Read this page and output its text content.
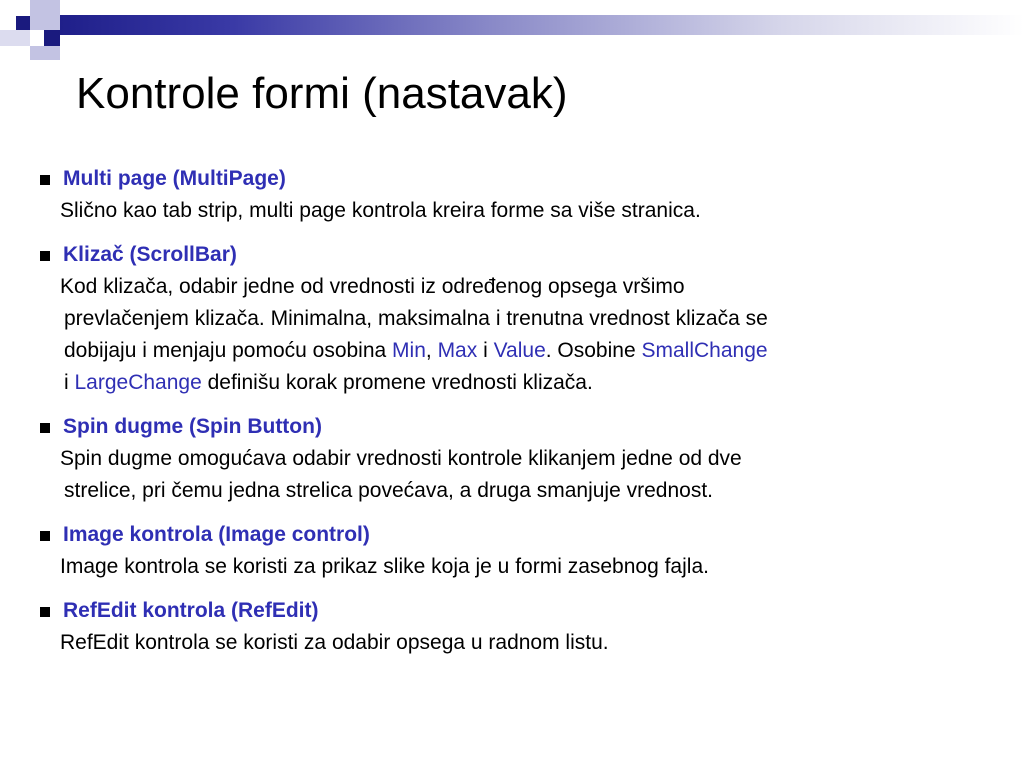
Kontrole formi (nastavak)
Multi page (MultiPage)
Slično kao tab strip, multi page kontrola kreira forme sa više stranica.
Klizač (ScrollBar)
Kod klizača, odabir jedne od vrednosti iz određenog opsega vršimo
prevlačenjem klizača. Minimalna, maksimalna i trenutna vrednost klizača se
dobijaju i menjaju pomoću osobina Min, Max i Value. Osobine SmallChange
i LargeChange definišu korak promene vrednosti klizača.
Spin dugme (Spin Button)
Spin dugme omogućava odabir vrednosti kontrole klikanjem jedne od dve
strelice, pri čemu jedna strelica povećava, a druga smanjuje vrednost.
Image kontrola (Image control)
Image kontrola se koristi za prikaz slike koja je u formi zasebnog fajla.
RefEdit kontrola (RefEdit)
RefEdit kontrola se koristi za odabir opsega u radnom listu.
